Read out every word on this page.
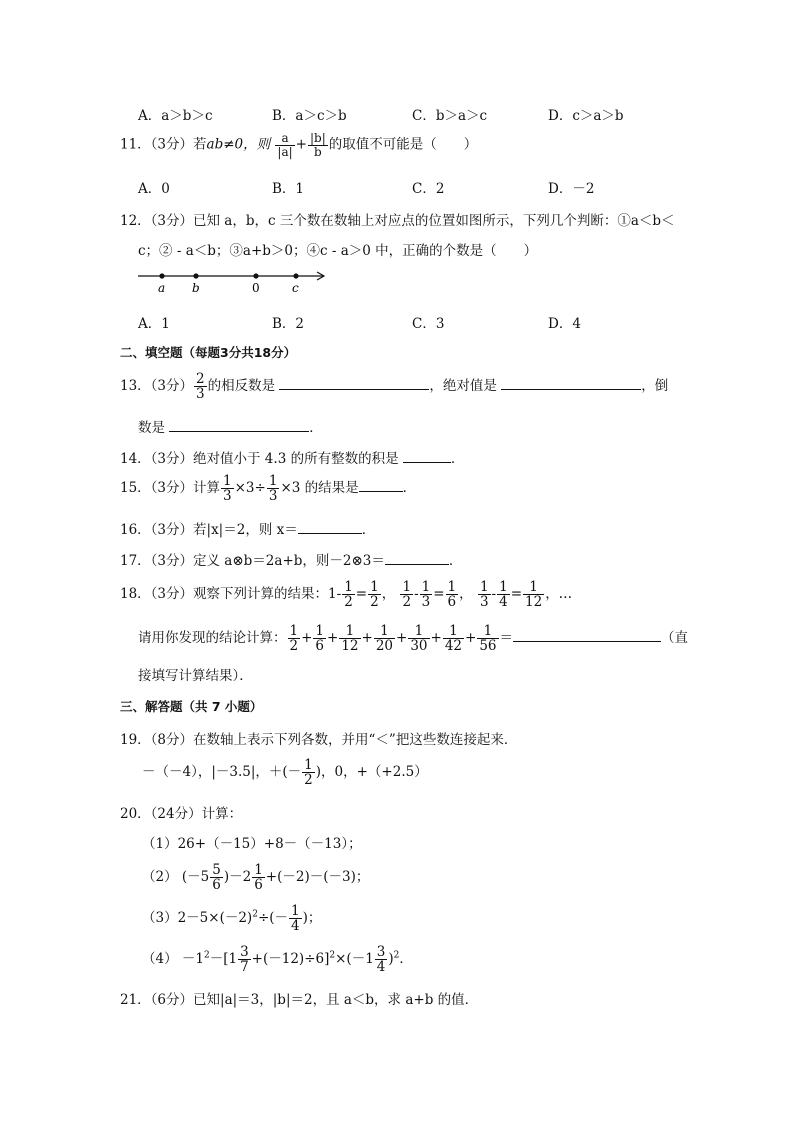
A．a＞b＞c	B．a＞c＞b	C．b＞a＞c	D．c＞a＞b
11．（3分）若ab≠0，则 $\frac{a}{|a|} + \frac{|b|}{b}$ 的取值不可能是（　　）
A．0	B．1	C．2	D．－2
12．（3分）已知 a，b，c 三个数在数轴上对应点的位置如图所示，下列几个判断：①a＜b＜
c；② - a＜b；③a+b＞0；④c - a＞0 中，正确的个数是（　　）
a b	0	c
A．1	B．2	C．3	D．4
二、填空题（每题3分共18分）
13．（3分） $\frac{2}{3}$ 的相反数是	，绝对值是	，倒
数是	．
14．（3分）绝对值小于 4.3 的所有整数的积是	．
15．（3分）计算 $\frac{1}{3} \times 3\div \frac{1}{3} \times 3$ 的结果是	．
16．（3分）若|x|＝2，则 x＝	．
17．（3分）定义 a⊗b＝2a+b，则－2⊗3＝	．
18．（3分）观察下列计算的结果：$1- \frac{1}{2} = \frac{1}{2}$ ， $\frac{1}{2} - \frac{1}{3} = \frac{1}{6}$ ， $\frac{1}{3} - \frac{1}{4} = \frac{1}{12}$ ，…
请用你发现的结论计算： $\frac{1}{2} + \frac{1}{6} + \frac{1}{12} + \frac{1}{20} + \frac{1}{30} + \frac{1}{42} + \frac{1}{56}$ ＝	（直
接填写计算结果）．
三、解答题（共 7 小题）
19．（8分）在数轴上表示下列各数，并用“＜”把这些数连接起来．
－（－4），|－3.5|，＋(－ $\frac{1}{2}$ )，0，+（+2.5）
20．（24分）计算：
（1）26+（－15）+8－（－13）；
（2） $(-5 \frac{5}{6} )-2 \frac{1}{6} +(-2)-(-3)$；
$(3)2-5\times(-2)^2\div(- \frac{1}{4}$ )；
$(4) -1^2-[1 \frac{3}{7} +(-12)\div 6]^2\times(-1 \frac{3}{4} )^2$．
21．（6分）已知|a|＝3，|b|＝2，且 a＜b，求 a+b 的值．
